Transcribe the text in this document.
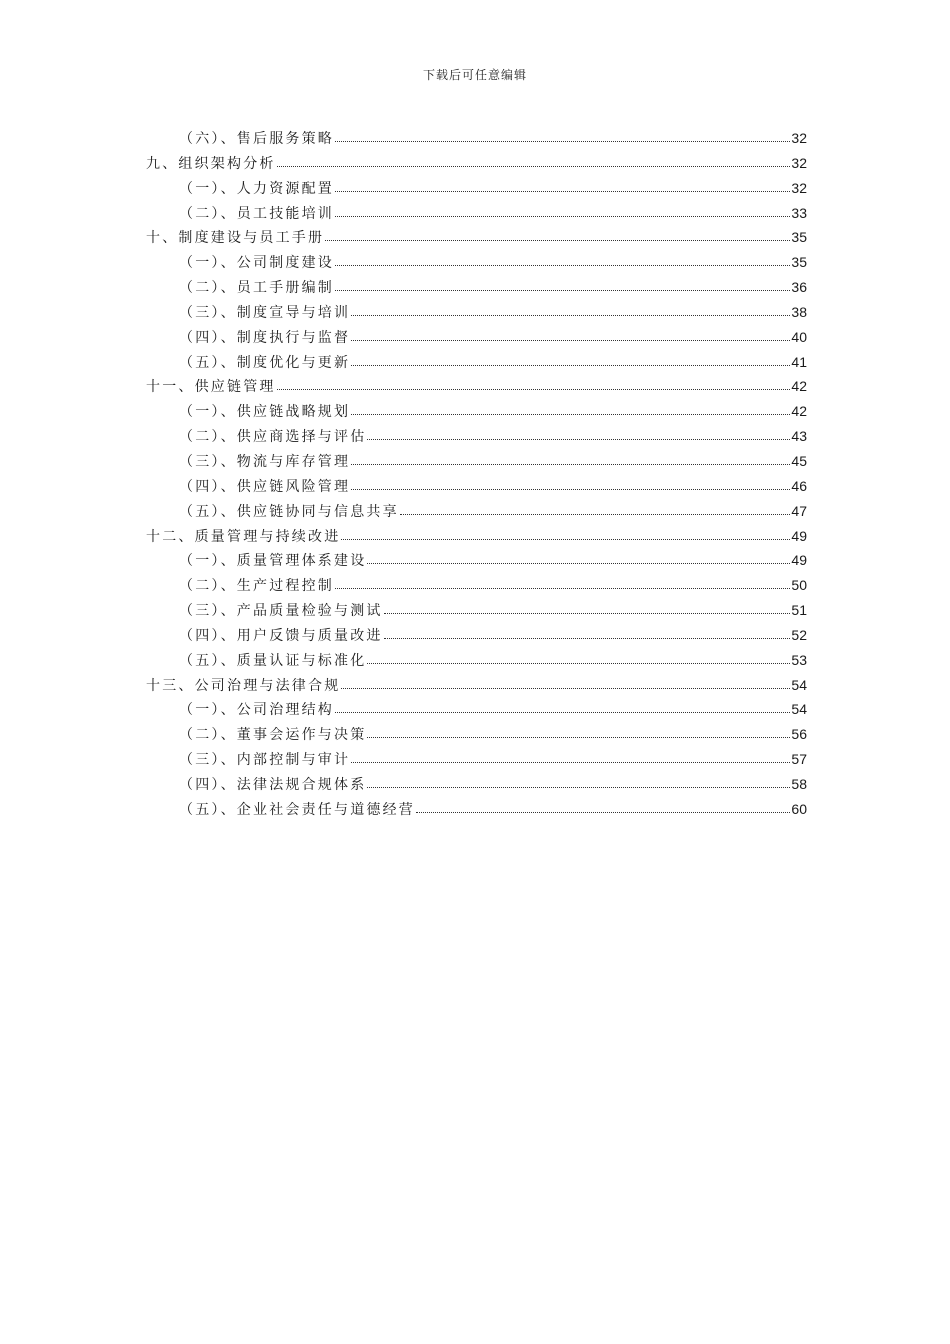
下载后可任意编辑
（六）、售后服务策略	32
九、组织架构分析	32
（一）、人力资源配置	32
（二）、员工技能培训	33
十、制度建设与员工手册	35
（一）、公司制度建设	35
（二）、员工手册编制	36
（三）、制度宣导与培训	38
（四）、制度执行与监督	40
（五）、制度优化与更新	41
十一、供应链管理	42
（一）、供应链战略规划	42
（二）、供应商选择与评估	43
（三）、物流与库存管理	45
（四）、供应链风险管理	46
（五）、供应链协同与信息共享	47
十二、质量管理与持续改进	49
（一）、质量管理体系建设	49
（二）、生产过程控制	50
（三）、产品质量检验与测试	51
（四）、用户反馈与质量改进	52
（五）、质量认证与标准化	53
十三、公司治理与法律合规	54
（一）、公司治理结构	54
（二）、董事会运作与决策	56
（三）、内部控制与审计	57
（四）、法律法规合规体系	58
（五）、企业社会责任与道德经营	60
